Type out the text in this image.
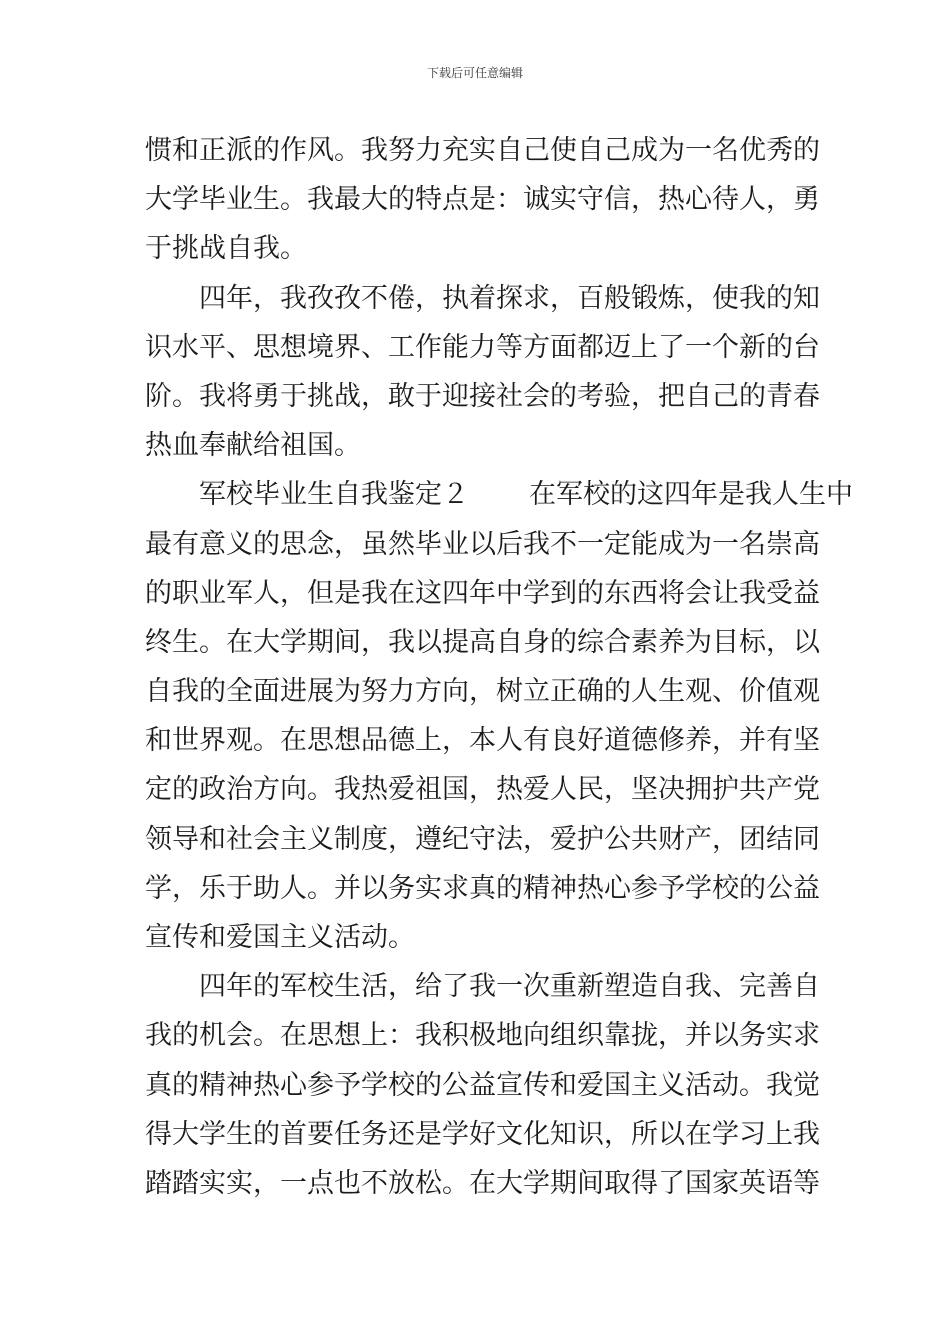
下载后可任意编辑
惯和正派的作风。我努力充实自己使自己成为一名优秀的
大学毕业生。我最大的特点是：诚实守信，热心待人，勇
于挑战自我。
四年，我孜孜不倦，执着探求，百般锻炼，使我的知
识水平、思想境界、工作能力等方面都迈上了一个新的台
阶。我将勇于挑战，敢于迎接社会的考验，把自己的青春
热血奉献给祖国。
军校毕业生自我鉴定２ 在军校的这四年是我人生中
最有意义的思念，虽然毕业以后我不一定能成为一名崇高
的职业军人，但是我在这四年中学到的东西将会让我受益
终生。在大学期间，我以提高自身的综合素养为目标，以
自我的全面进展为努力方向，树立正确的人生观、价值观
和世界观。在思想品德上，本人有良好道德修养，并有坚
定的政治方向。我热爱祖国，热爱人民，坚决拥护共产党
领导和社会主义制度，遵纪守法，爱护公共财产，团结同
学，乐于助人。并以务实求真的精神热心参予学校的公益
宣传和爱国主义活动。
四年的军校生活，给了我一次重新塑造自我、完善自
我的机会。在思想上：我积极地向组织靠拢，并以务实求
真的精神热心参予学校的公益宣传和爱国主义活动。我觉
得大学生的首要任务还是学好文化知识，所以在学习上我
踏踏实实，一点也不放松。在大学期间取得了国家英语等
